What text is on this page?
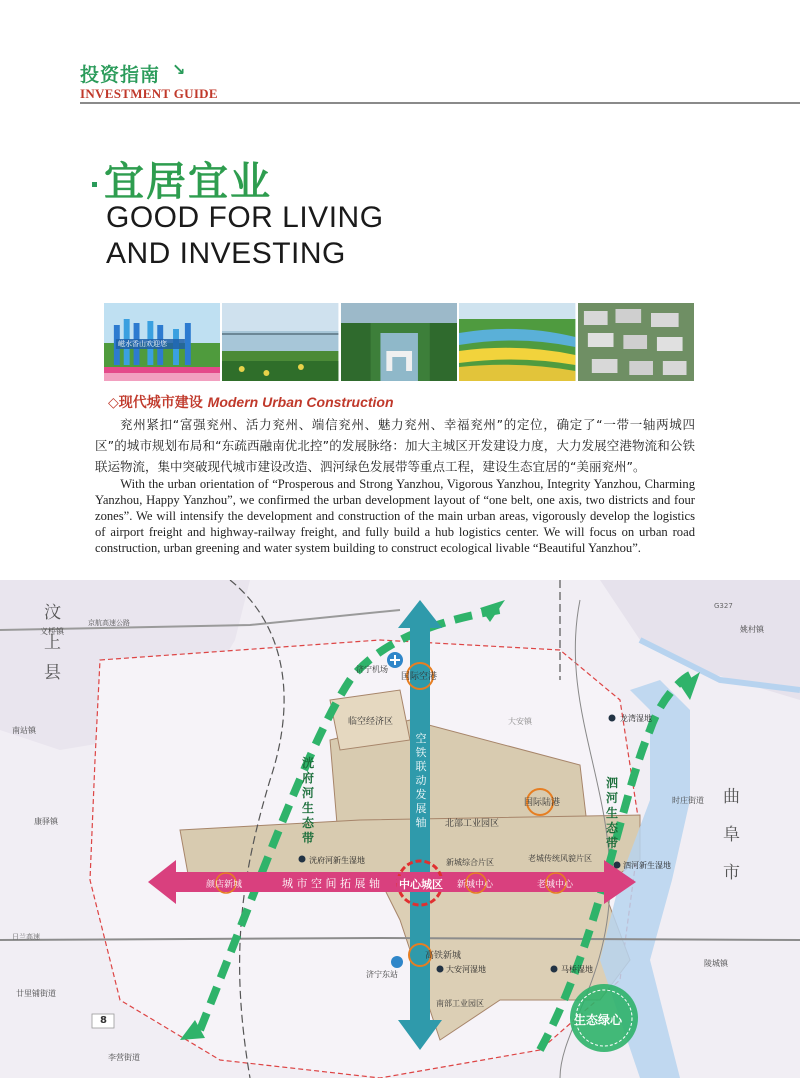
投资指南 ↘
INVESTMENT GUIDE
宜居宜业
GOOD FOR LIVING
AND INVESTING
嵫水香山欢迎您
◇现代城市建设 Modern Urban Construction
兖州紧扣“富强兖州、活力兖州、端信兖州、魅力兖州、幸福兖州”的定位，确定了“一带一轴两城四区”的城市规划布局和“东疏西融南优北控”的发展脉络：加大主城区开发建设力度，大力发展空港物流和公铁联运物流，集中突破现代城市建设改造、泗河绿色发展带等重点工程，建设生态宜居的“美丽兖州”。
With the urban orientation of “Prosperous and Strong Yanzhou, Vigorous Yanzhou, Integrity Yanzhou, Charming Yanzhou, Happy Yanzhou”, we confirmed the urban development layout of “one belt, one axis, two districts and four zones”. We will intensify the development and construction of the main urban areas, vigorously develop the logistics of airport freight and highway-railway freight, and fully build a hub logistics center. We will focus on urban road construction, urban greening and water system building to construct ecological livable “Beautiful Yanzhou”.
汶
上
县
曲
阜
市
空
铁
联
动
发
展
轴
城 市 空 间 拓 展 轴
洸
府
河
生
态
带
泗
河
生
态
带
中心城区
国际空港
国际陆港
颜店新城	新城中心	老城中心
高铁新城
济宁机场
济宁东站
临空经济区
北部工业园区
新城综合片区	老城传统风貌片区
南部工业园区
龙湾湿地
洸府河新生湿地
泗河新生湿地
大安河湿地	马桥湿地
义桥镇
京航高速公路
大安镇
南站镇
康驿镇
廿里铺街道
李营街道
姚村镇
时庄街道
陵城镇
G327
日兰高速
8	生态绿心
